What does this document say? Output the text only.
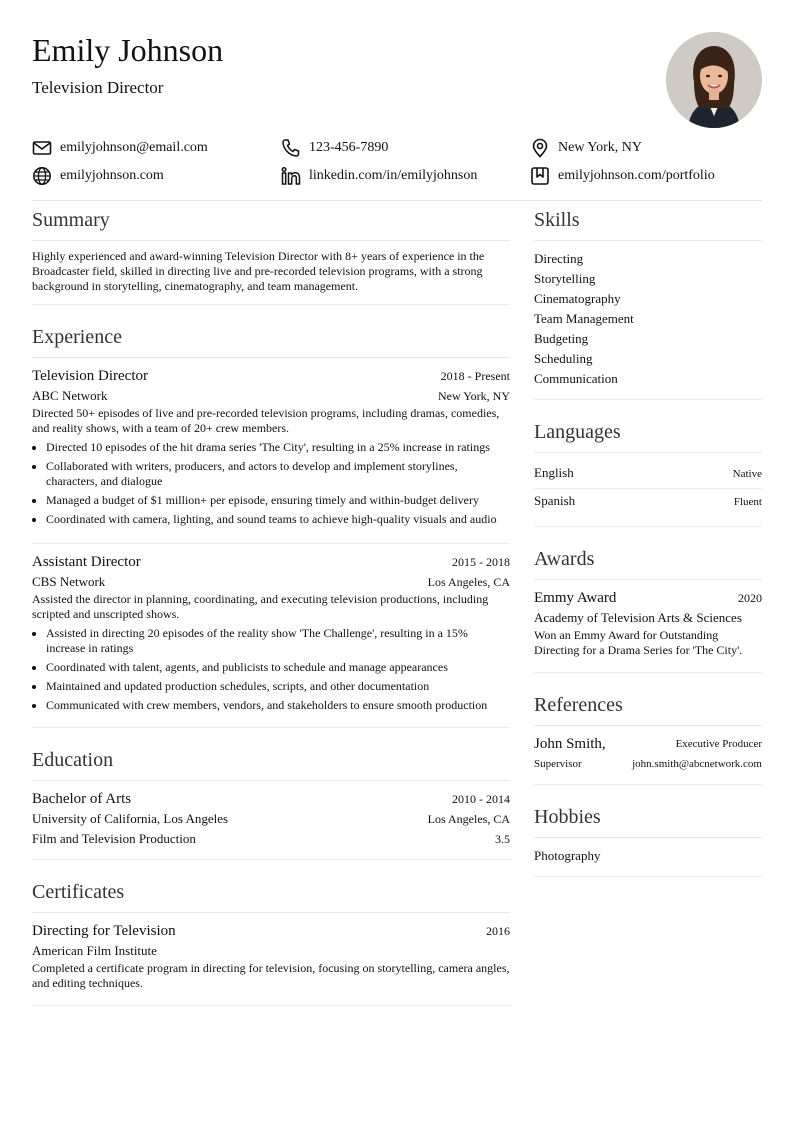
Emily Johnson
Television Director
emilyjohnson@email.com	123-456-7890	New York, NY
emilyjohnson.com	linkedin.com/in/emilyjohnson	emilyjohnson.com/portfolio
Summary

Highly experienced and award-winning Television Director with 8+ years of experience in the Broadcaster field, skilled in directing live and pre-recorded television programs, with a strong background in storytelling, cinematography, and team management.

Experience
Television Director	2018 - Present
ABC Network	New York, NY

Directed 50+ episodes of live and pre-recorded television programs, including dramas, comedies, and reality shows, with a team of 20+ crew members.

• Directed 10 episodes of the hit drama series 'The City', resulting in a 25% increase in ratings
• Collaborated with writers, producers, and actors to develop and implement storylines, characters, and dialogue
• Managed a budget of $1 million+ per episode, ensuring timely and within-budget delivery
• Coordinated with camera, lighting, and sound teams to achieve high-quality visuals and audio
Assistant Director	2015 - 2018
CBS Network	Los Angeles, CA

Assisted the director in planning, coordinating, and executing television productions, including scripted and unscripted shows.

• Assisted in directing 20 episodes of the reality show 'The Challenge', resulting in a 15% increase in ratings
• Coordinated with talent, agents, and publicists to schedule and manage appearances
• Maintained and updated production schedules, scripts, and other documentation
• Communicated with crew members, vendors, and stakeholders to ensure smooth production
Education
Bachelor of Arts	2010 - 2014
University of California, Los Angeles	Los Angeles, CA
Film and Television Production	3.5
Certificates
Directing for Television	2016
American Film Institute

Completed a certificate program in directing for television, focusing on storytelling, camera angles, and editing techniques.

Skills
Directing
Storytelling
Cinematography
Team Management
Budgeting
Scheduling
Communication
Languages
English	Native
Spanish	Fluent
Awards
Emmy Award	2020
Academy of Television Arts & Sciences

Won an Emmy Award for Outstanding Directing for a Drama Series for 'The City'.

References
John Smith,	Executive Producer
Supervisor	john.smith@abcnetwork.com
Hobbies
Photography
